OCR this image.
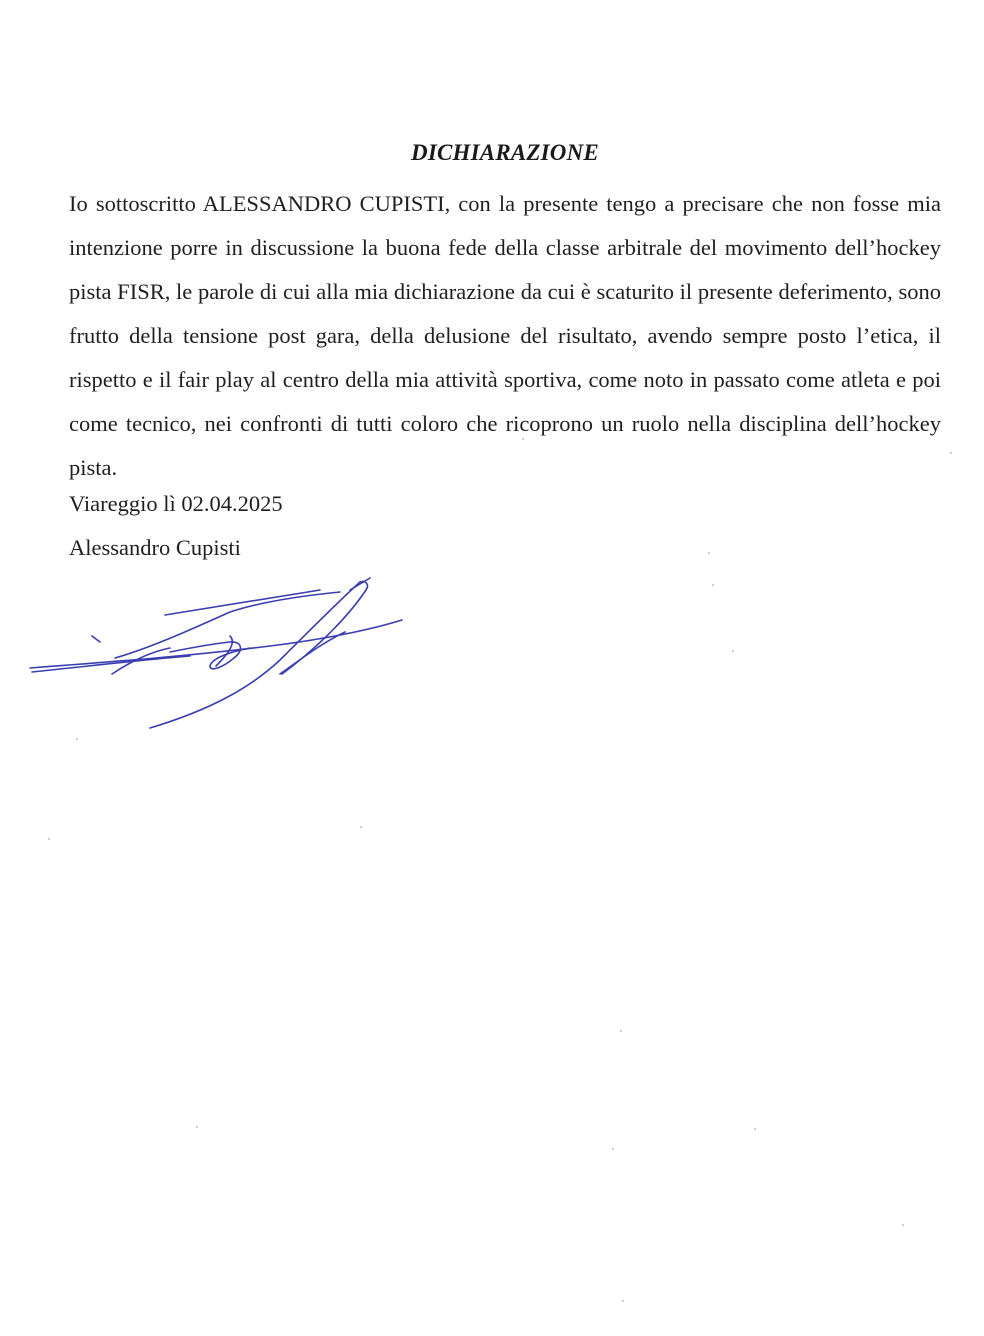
DICHIARAZIONE
Io sottoscritto ALESSANDRO CUPISTI, con la presente tengo a precisare che non fosse mia intenzione porre in discussione la buona fede della classe arbitrale del movimento dell’hockey pista FISR, le parole di cui alla mia dichiarazione da cui è scaturito il presente deferimento, sono frutto della tensione post gara, della delusione del risultato, avendo sempre posto l’etica, il rispetto e il fair play al centro della mia attività sportiva, come noto in passato come atleta e poi come tecnico, nei confronti di tutti coloro che ricoprono un ruolo nella disciplina dell’hockey pista.
Viareggio lì 02.04.2025
Alessandro Cupisti
